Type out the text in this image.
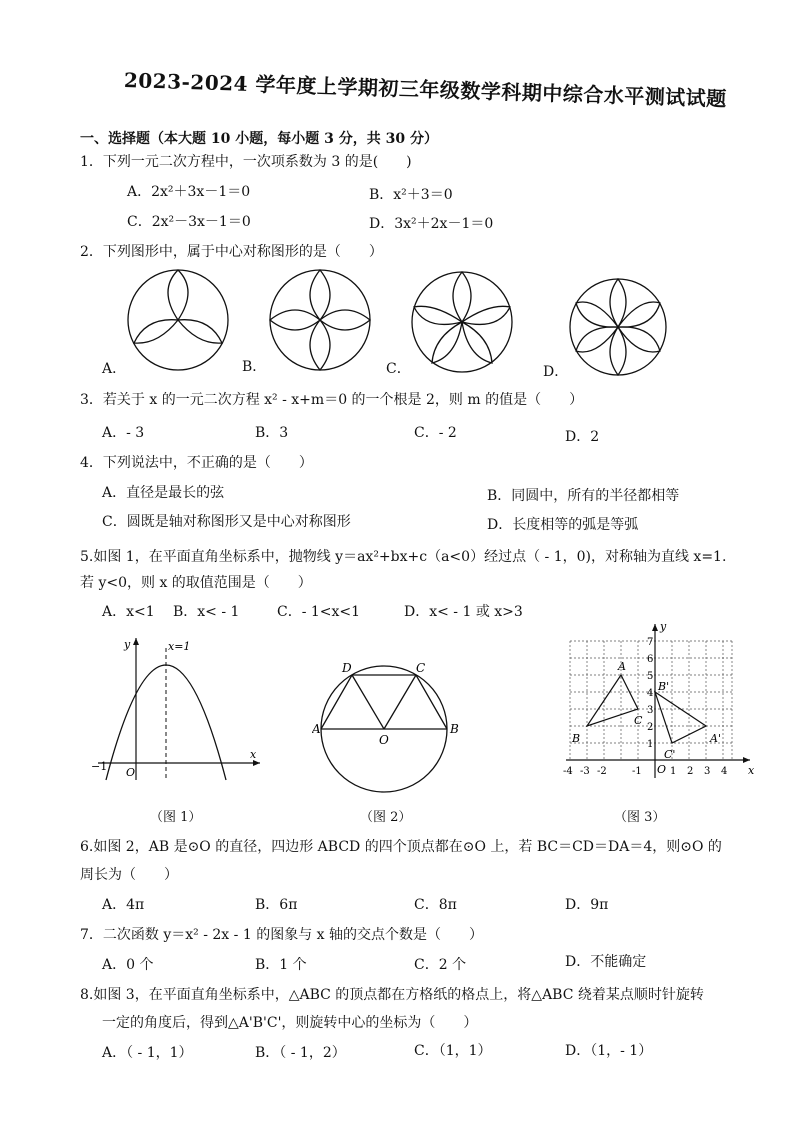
2023-2024 学年度上学期初三年级数学科期中综合水平测试试题
一、选择题（本大题 10 小题，每小题 3 分，共 30 分）
1．下列一元二次方程中，一次项系数为 3 的是(　　)
A．2x²＋3x－1＝0	B．x²＋3＝0
C．2x²－3x－1＝0	D．3x²＋2x－1＝0
2．下列图形中，属于中心对称图形的是（　　）
A．	B．	C．	D．
3．若关于 x 的一元二次方程 x² - x+m＝0 的一个根是 2，则 m 的值是（　　）
A．- 3	B．3	C．- 2	D．2
4．下列说法中，不正确的是（　　）
A．直径是最长的弦	B．同圆中，所有的半径都相等
C．圆既是轴对称图形又是中心对称图形	D．长度相等的弧是等弧
5.如图 1，在平面直角坐标系中，抛物线 y＝ax²+bx+c（a<0）经过点（ - 1，0)，对称轴为直线 x=1.
若 y<0，则 x 的取值范围是（　　）
A．x<1 B．x< - 1	C．- 1<x<1	D．x< - 1 或 x>3
y
x
O
−1
x=1
A	B
C
D
O
y
x
O
-4 -3 -2	-1	1 2 3 4
1
2
3
4
5
6
7
A
B
C
A'
B'
C'
（图 1）	（图 2）	（图 3）
6.如图 2，AB 是⊙O 的直径，四边形 ABCD 的四个顶点都在⊙O 上，若 BC＝CD＝DA＝4，则⊙O 的
周长为（　　）
A．4π	B．6π	C．8π	D．9π
7．二次函数 y＝x² - 2x - 1 的图象与 x 轴的交点个数是（　　）
A．0 个	B．1 个	C．2 个	D．不能确定
8.如图 3，在平面直角坐标系中，△ABC 的顶点都在方格纸的格点上，将△ABC 绕着某点顺时针旋转
一定的角度后，得到△A'B'C'，则旋转中心的坐标为（　　）
A．（ - 1，1）	B．（ - 1，2）	C．（1，1）	D．（1，- 1）
